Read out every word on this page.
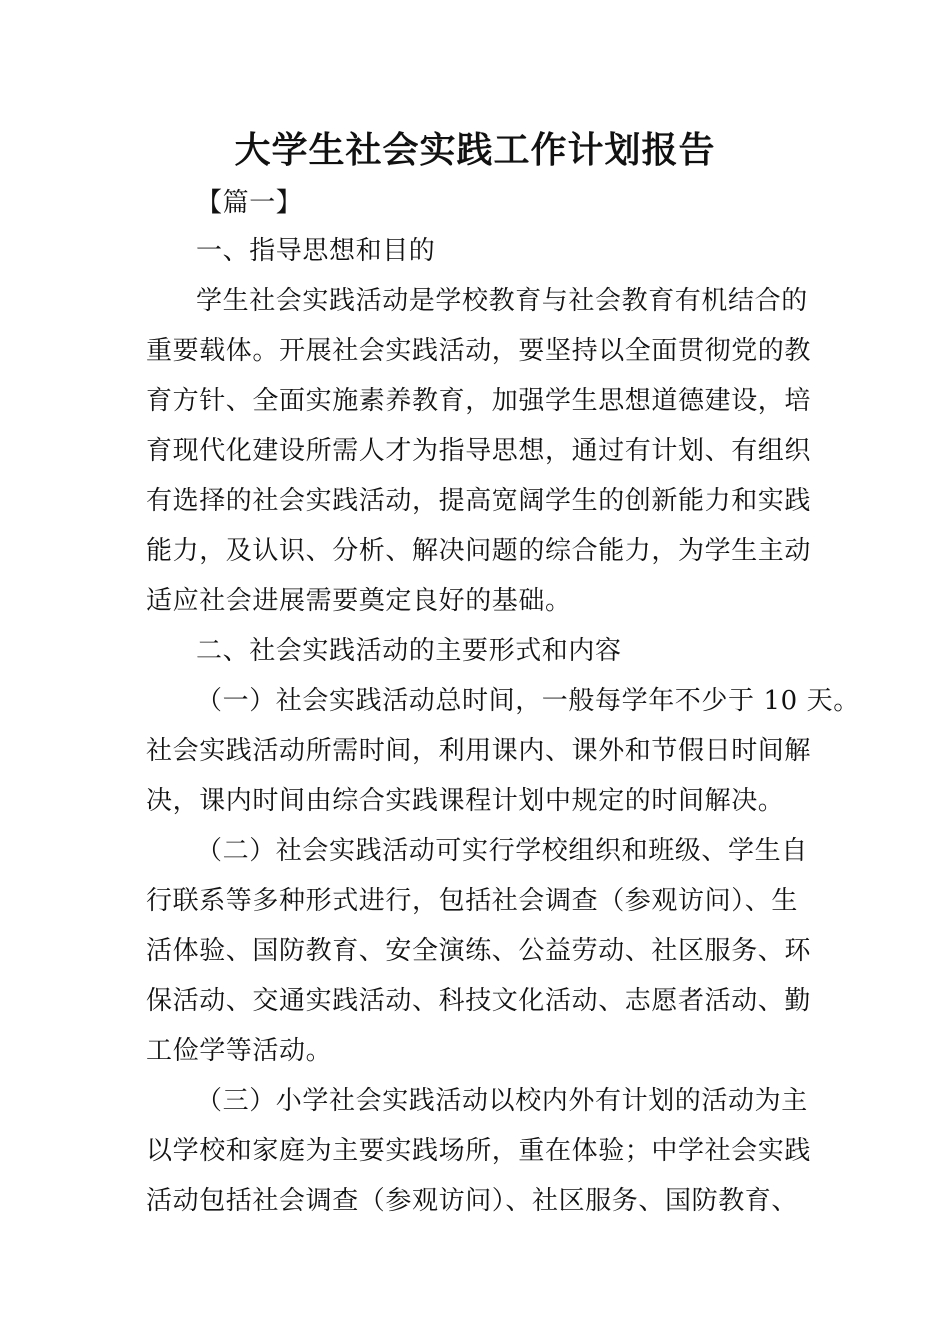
大学生社会实践工作计划报告
【篇一】
一、指导思想和目的
学生社会实践活动是学校教育与社会教育有机结合的
重要载体。开展社会实践活动，要坚持以全面贯彻党的教
育方针、全面实施素养教育，加强学生思想道德建设，培
育现代化建设所需人才为指导思想，通过有计划、有组织
有选择的社会实践活动，提高宽阔学生的创新能力和实践
能力，及认识、分析、解决问题的综合能力，为学生主动
适应社会进展需要奠定良好的基础。
二、社会实践活动的主要形式和内容
（一）社会实践活动总时间，一般每学年不少于 10 天。
社会实践活动所需时间，利用课内、课外和节假日时间解
决，课内时间由综合实践课程计划中规定的时间解决。
（二）社会实践活动可实行学校组织和班级、学生自
行联系等多种形式进行，包括社会调查（参观访问）、生
活体验、国防教育、安全演练、公益劳动、社区服务、环
保活动、交通实践活动、科技文化活动、志愿者活动、勤
工俭学等活动。
（三）小学社会实践活动以校内外有计划的活动为主
以学校和家庭为主要实践场所，重在体验；中学社会实践
活动包括社会调查（参观访问）、社区服务、国防教育、
